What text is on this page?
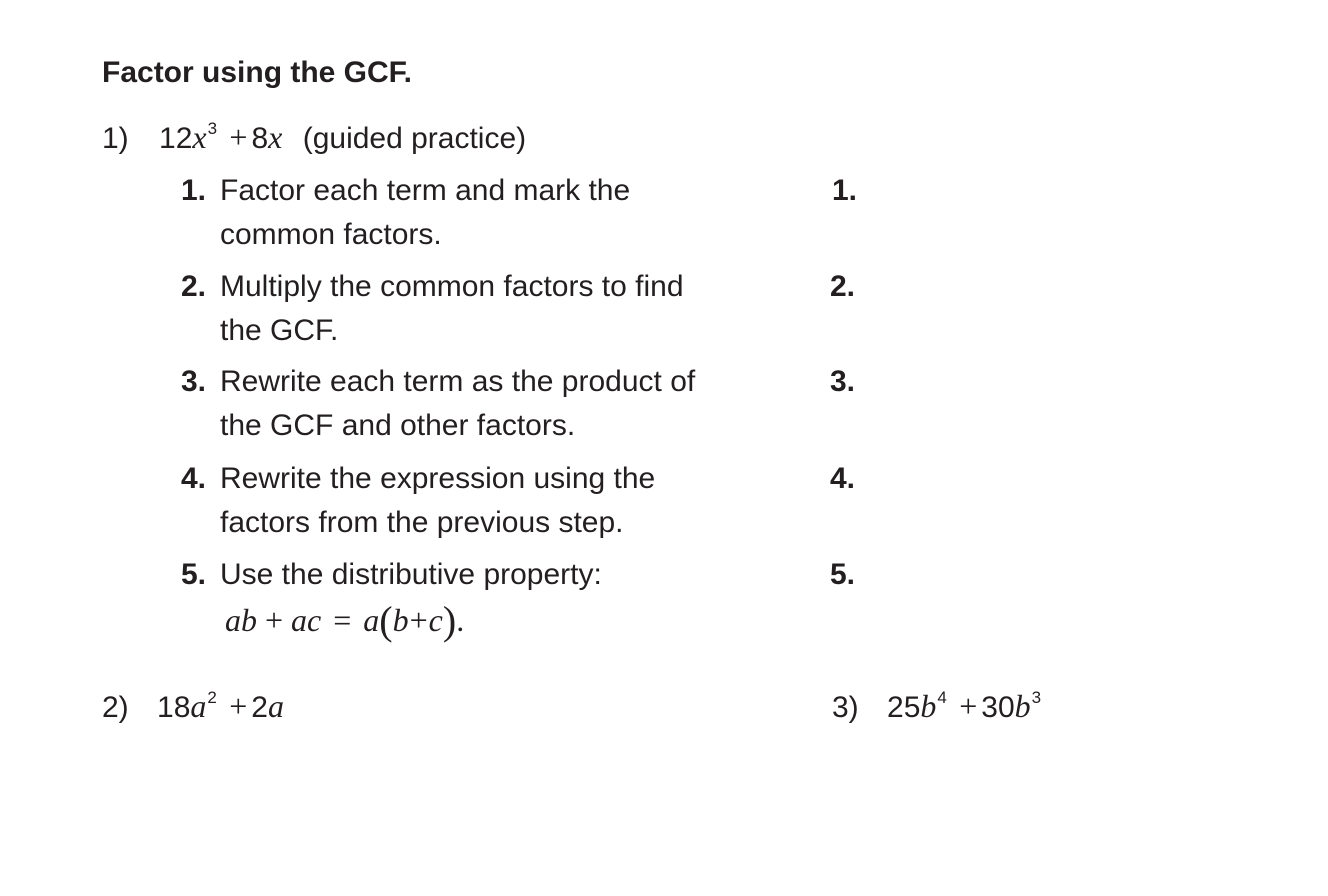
Factor using the GCF.
1) $12x^3 + 8x$ (guided practice)
1. Factor each term and mark the common factors.
2. Multiply the common factors to find the GCF.
3. Rewrite each term as the product of the GCF and other factors.
4. Rewrite the expression using the factors from the previous step.
5. Use the distributive property:
ab + ac = a(b+c).
1.
2.
3.
4.
5.
2) $18a^2 + 2a$	3) $25b^4 + 30b^3$
